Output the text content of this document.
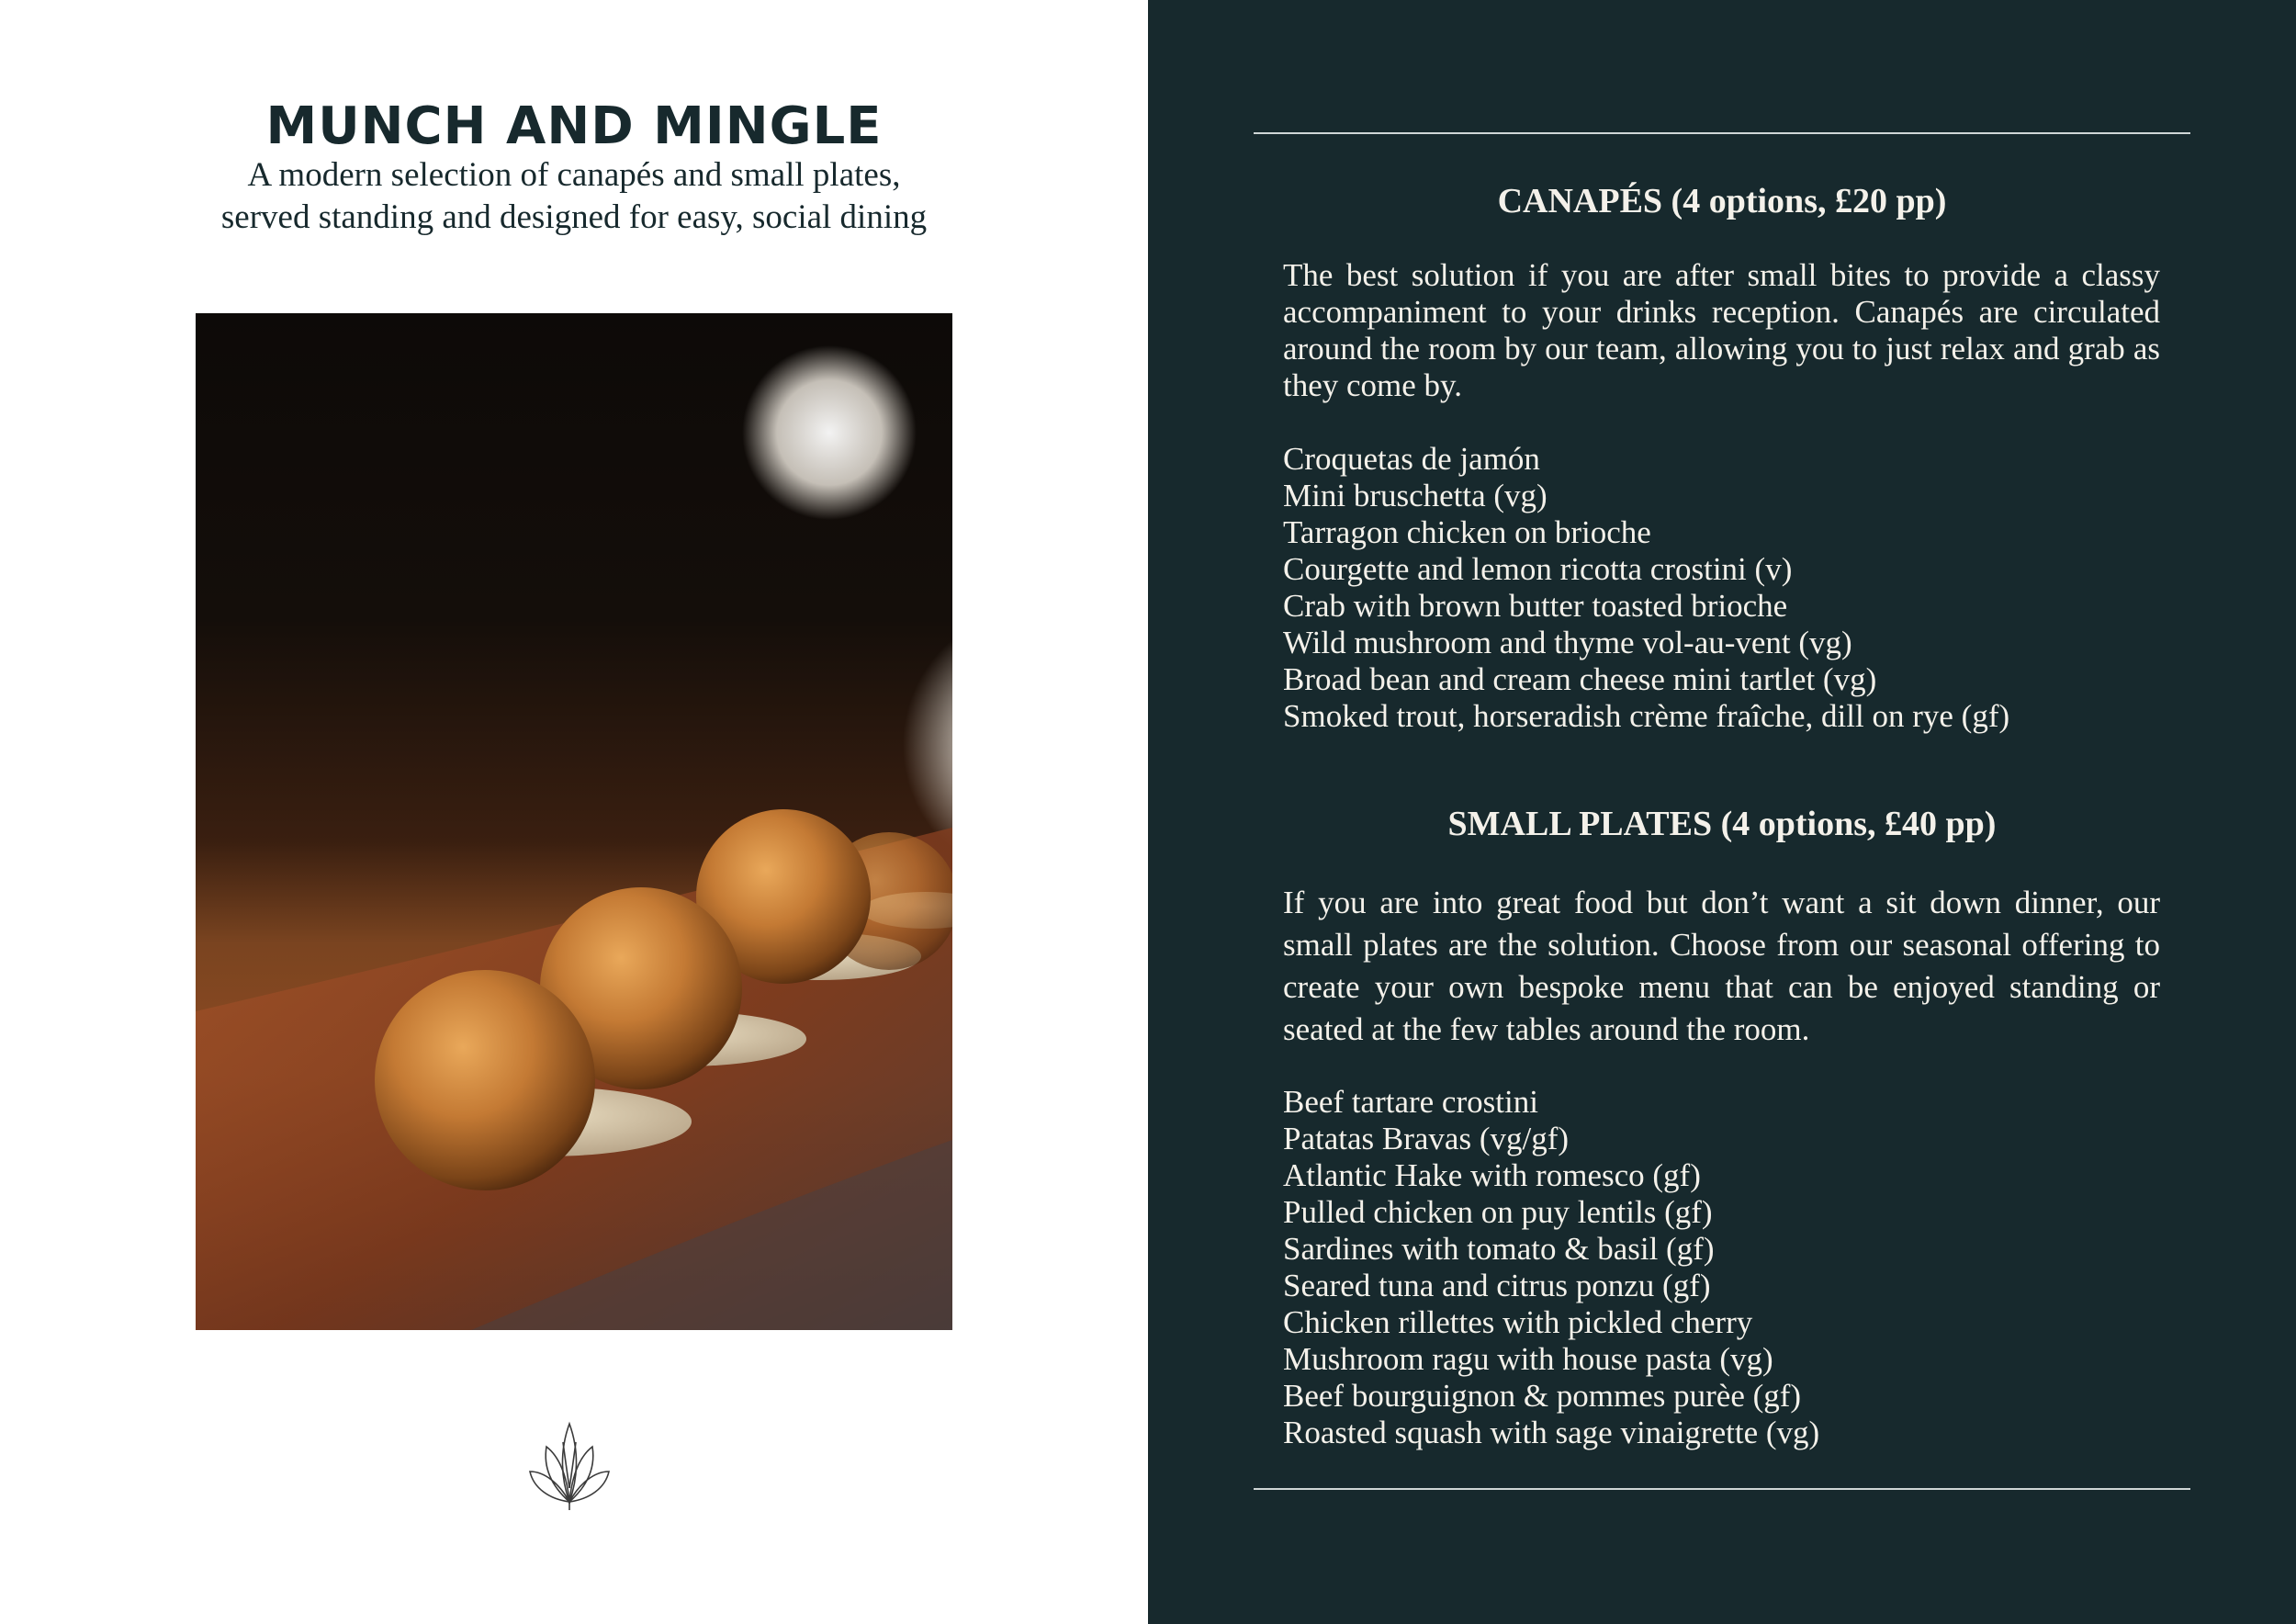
MUNCH AND MINGLE

A modern selection of canapés and small plates,
served standing and designed for easy, social dining	CANAPÉS (4 options, £20 pp)

The best solution if you are after small bites to provide a classy accompaniment to your drinks reception. Canapés are circulated around the room by our team, allowing you to just relax and grab as they come by.

Croquetas de jamón
Mini bruschetta (vg)
Tarragon chicken on brioche
Courgette and lemon ricotta crostini (v)
Crab with brown butter toasted brioche
Wild mushroom and thyme vol-au-vent (vg)
Broad bean and cream cheese mini tartlet (vg)
Smoked trout, horseradish crème fraîche, dill on rye (gf)
SMALL PLATES (4 options, £40 pp)

If you are into great food but don’t want a sit down dinner, our small plates are the solution. Choose from our seasonal offering to create your own bespoke menu that can be enjoyed standing or seated at the few tables around the room.

Beef tartare crostini
Patatas Bravas (vg/gf)
Atlantic Hake with romesco (gf)
Pulled chicken on puy lentils (gf)
Sardines with tomato & basil (gf)
Seared tuna and citrus ponzu (gf)
Chicken rillettes with pickled cherry
Mushroom ragu with house pasta (vg)
Beef bourguignon & pommes purèe (gf)
Roasted squash with sage vinaigrette (vg)
